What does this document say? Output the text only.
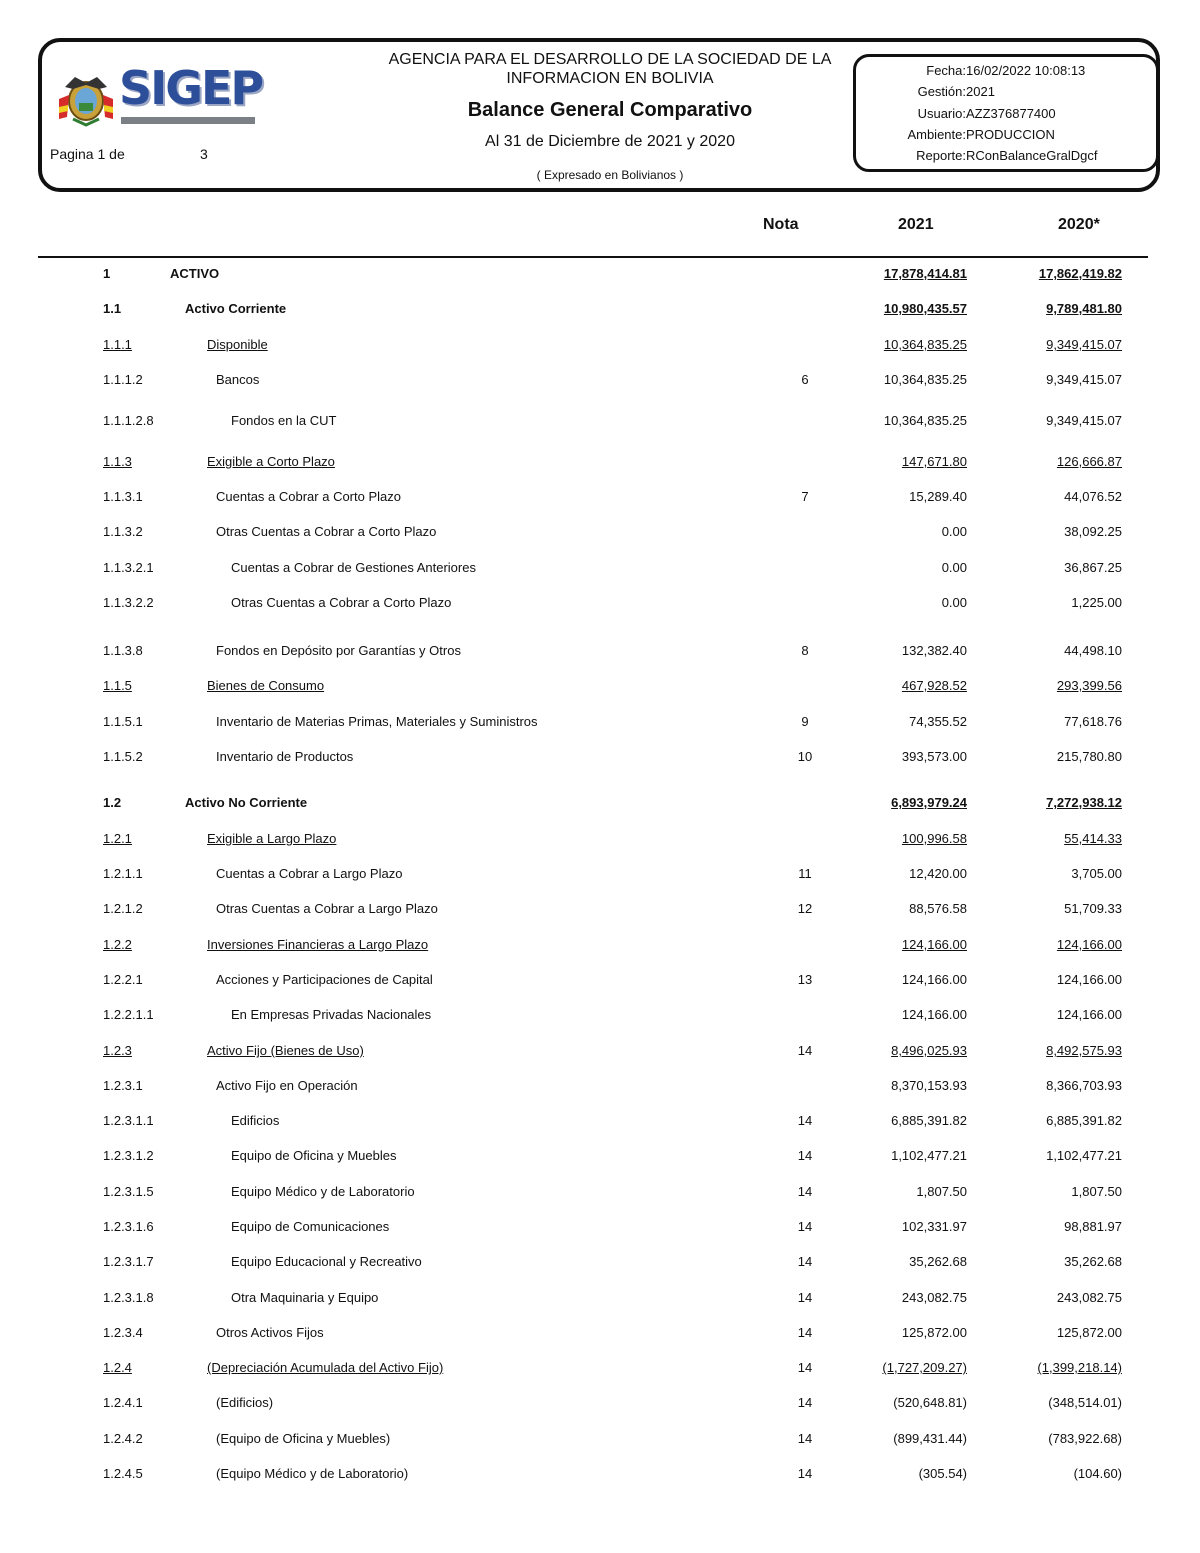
SIGEP
Pagina 1 de	3
AGENCIA PARA EL DESARROLLO DE LA SOCIEDAD DE LA
INFORMACION EN BOLIVIA
Balance General Comparativo
Al 31 de Diciembre de 2021 y 2020
( Expresado en Bolivianos )
Fecha: 16/02/2022 10:08:13
Gestión: 2021
Usuario: AZZ376877400
Ambiente: PRODUCCION
Reporte: RConBalanceGralDgcf
Nota	2021	2020*
1	ACTIVO	17,878,414.81	17,862,419.82
1.1	Activo Corriente	10,980,435.57	9,789,481.80
1.1.1	Disponible	10,364,835.25	9,349,415.07
1.1.1.2	Bancos	6	10,364,835.25	9,349,415.07
1.1.1.2.8	Fondos en la CUT	10,364,835.25	9,349,415.07
1.1.3	Exigible a Corto Plazo	147,671.80	126,666.87
1.1.3.1	Cuentas a Cobrar a Corto Plazo	7	15,289.40	44,076.52
1.1.3.2	Otras Cuentas a Cobrar a Corto Plazo	0.00	38,092.25
1.1.3.2.1	Cuentas a Cobrar de Gestiones Anteriores	0.00	36,867.25
1.1.3.2.2	Otras Cuentas a Cobrar a Corto Plazo	0.00	1,225.00
1.1.3.8	Fondos en Depósito por Garantías y Otros	8	132,382.40	44,498.10
1.1.5	Bienes de Consumo	467,928.52	293,399.56
1.1.5.1	Inventario de Materias Primas, Materiales y Suministros	9	74,355.52	77,618.76
1.1.5.2	Inventario de Productos	10	393,573.00	215,780.80
1.2	Activo No Corriente	6,893,979.24	7,272,938.12
1.2.1	Exigible a Largo Plazo	100,996.58	55,414.33
1.2.1.1	Cuentas a Cobrar a Largo Plazo	11	12,420.00	3,705.00
1.2.1.2	Otras Cuentas a Cobrar a Largo Plazo	12	88,576.58	51,709.33
1.2.2	Inversiones Financieras a Largo Plazo	124,166.00	124,166.00
1.2.2.1	Acciones y Participaciones de Capital	13	124,166.00	124,166.00
1.2.2.1.1	En Empresas Privadas Nacionales	124,166.00	124,166.00
1.2.3	Activo Fijo (Bienes de Uso)	14	8,496,025.93	8,492,575.93
1.2.3.1	Activo Fijo en Operación	8,370,153.93	8,366,703.93
1.2.3.1.1	Edificios	14	6,885,391.82	6,885,391.82
1.2.3.1.2	Equipo de Oficina y Muebles	14	1,102,477.21	1,102,477.21
1.2.3.1.5	Equipo Médico y de Laboratorio	14	1,807.50	1,807.50
1.2.3.1.6	Equipo de Comunicaciones	14	102,331.97	98,881.97
1.2.3.1.7	Equipo Educacional y Recreativo	14	35,262.68	35,262.68
1.2.3.1.8	Otra Maquinaria y Equipo	14	243,082.75	243,082.75
1.2.3.4	Otros Activos Fijos	14	125,872.00	125,872.00
1.2.4	(Depreciación Acumulada del Activo Fijo)	14	(1,727,209.27)	(1,399,218.14)
1.2.4.1	(Edificios)	14	(520,648.81)	(348,514.01)
1.2.4.2	(Equipo de Oficina y Muebles)	14	(899,431.44)	(783,922.68)
1.2.4.5	(Equipo Médico y de Laboratorio)	14	(305.54)	(104.60)
